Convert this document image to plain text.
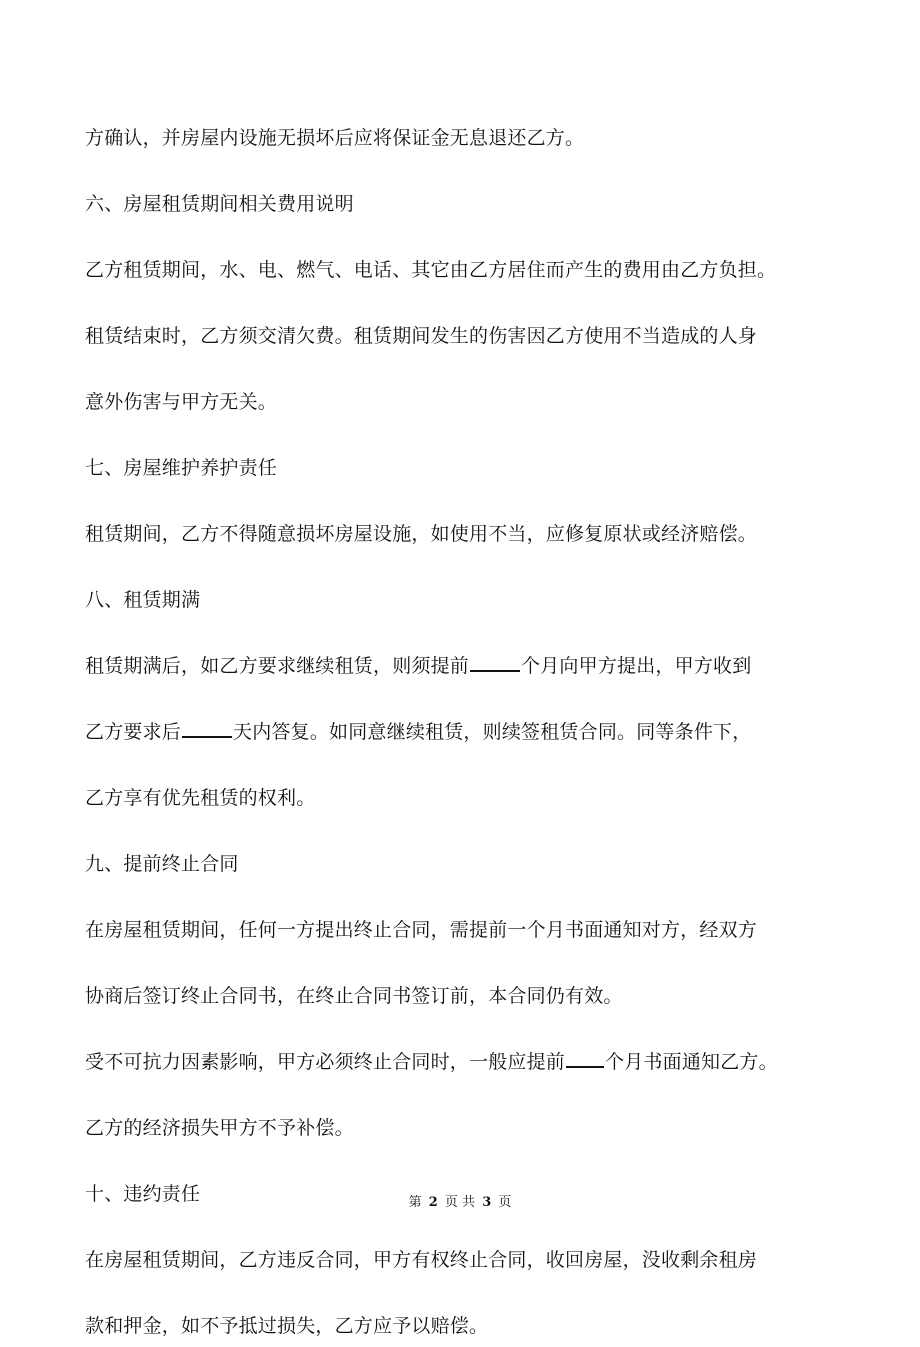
方确认，并房屋内设施无损坏后应将保证金无息退还乙方。
六、房屋租赁期间相关费用说明
乙方租赁期间，水、电、燃气、电话、其它由乙方居住而产生的费用由乙方负担。
租赁结束时，乙方须交清欠费。租赁期间发生的伤害因乙方使用不当造成的人身
意外伤害与甲方无关。
七、房屋维护养护责任
租赁期间，乙方不得随意损坏房屋设施，如使用不当，应修复原状或经济赔偿。
八、租赁期满
租赁期满后，如乙方要求继续租赁，则须提前	个月向甲方提出，甲方收到
乙方要求后	天内答复。如同意继续租赁，则续签租赁合同。同等条件下，
乙方享有优先租赁的权利。
九、提前终止合同
在房屋租赁期间，任何一方提出终止合同，需提前一个月书面通知对方，经双方
协商后签订终止合同书，在终止合同书签订前，本合同仍有效。
受不可抗力因素影响，甲方必须终止合同时，一般应提前 个月书面通知乙方。
乙方的经济损失甲方不予补偿。
十、违约责任
在房屋租赁期间，乙方违反合同，甲方有权终止合同，收回房屋，没收剩余租房
款和押金，如不予抵过损失，乙方应予以赔偿。
第 2 页 共 3 页
